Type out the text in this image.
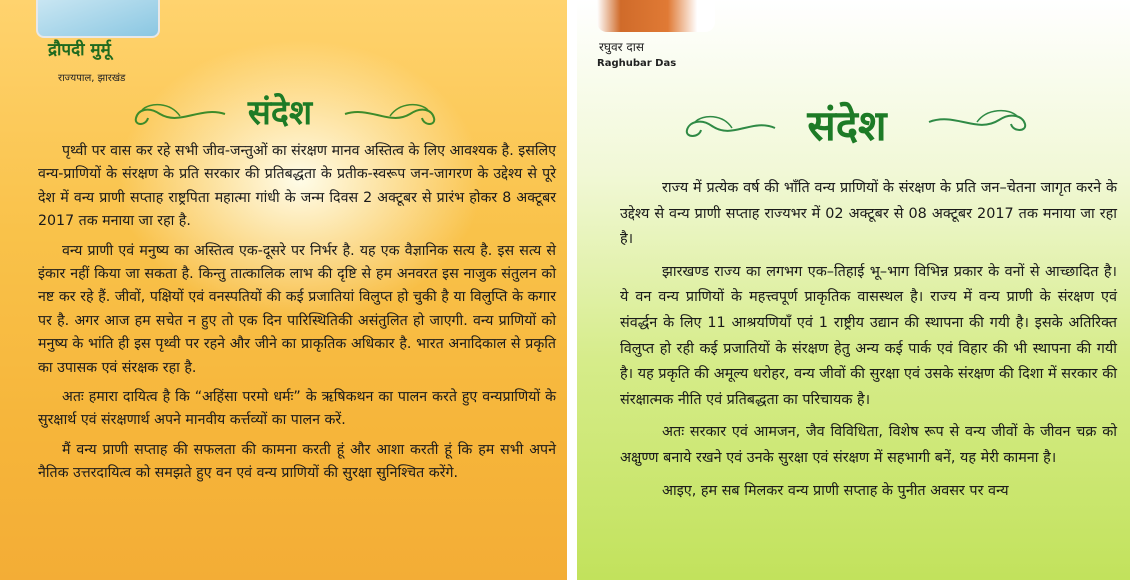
द्रौपदी मुर्मू
राज्यपाल, झारखंड
संदेश

पृथ्वी पर वास कर रहे सभी जीव-जन्तुओं का संरक्षण मानव अस्तित्व के लिए आवश्यक है. इसलिए वन्य-प्राणियों के संरक्षण के प्रति सरकार की प्रतिबद्धता के प्रतीक-स्वरूप जन-जागरण के उद्देश्य से पूरे देश में वन्य प्राणी सप्ताह राष्ट्रपिता महात्मा गांधी के जन्म दिवस 2 अक्टूबर से प्रारंभ होकर 8 अक्टूबर 2017 तक मनाया जा रहा है.

वन्य प्राणी एवं मनुष्य का अस्तित्व एक-दूसरे पर निर्भर है. यह एक वैज्ञानिक सत्य है. इस सत्य से इंकार नहीं किया जा सकता है. किन्तु तात्कालिक लाभ की दृष्टि से हम अनवरत इस नाजुक संतुलन को नष्ट कर रहे हैं. जीवों, पक्षियों एवं वनस्पतियों की कई प्रजातियां विलुप्त हो चुकी है या विलुप्ति के कगार पर है. अगर आज हम सचेत न हुए तो एक दिन पारिस्थितिकी असंतुलित हो जाएगी. वन्य प्राणियों को मनुष्य के भांति ही इस पृथ्वी पर रहने और जीने का प्राकृतिक अधिकार है. भारत अनादिकाल से प्रकृति का उपासक एवं संरक्षक रहा है.

अतः हमारा दायित्व है कि “अहिंसा परमो धर्मः” के ऋषिकथन का पालन करते हुए वन्यप्राणियों के सुरक्षार्थ एवं संरक्षणार्थ अपने मानवीय कर्त्तव्यों का पालन करें.

मैं वन्य प्राणी सप्ताह की सफलता की कामना करती हूं और आशा करती हूं कि हम सभी अपने नैतिक उत्तरदायित्व को समझते हुए वन एवं वन्य प्राणियों की सुरक्षा सुनिश्चित करेंगे.

रघुवर दास
Raghubar Das
संदेश

राज्य में प्रत्येक वर्ष की भाँति वन्य प्राणियों के संरक्षण के प्रति जन–चेतना जागृत करने के उद्देश्य से वन्य प्राणी सप्ताह राज्यभर में 02 अक्टूबर से 08 अक्टूबर 2017 तक मनाया जा रहा है।

झारखण्ड राज्य का लगभग एक–तिहाई भू–भाग विभिन्न प्रकार के वनों से आच्छादित है। ये वन वन्य प्राणियों के महत्त्वपूर्ण प्राकृतिक वासस्थल है। राज्य में वन्य प्राणी के संरक्षण एवं संवर्द्धन के लिए 11 आश्रयणियाँ एवं 1 राष्ट्रीय उद्यान की स्थापना की गयी है। इसके अतिरिक्त विलुप्त हो रही कई प्रजातियों के संरक्षण हेतु अन्य कई पार्क एवं विहार की भी स्थापना की गयी है। यह प्रकृति की अमूल्य धरोहर, वन्य जीवों की सुरक्षा एवं उसके संरक्षण की दिशा में सरकार की संरक्षात्मक नीति एवं प्रतिबद्धता का परिचायक है।

अतः सरकार एवं आमजन, जैव विविधिता, विशेष रूप से वन्य जीवों के जीवन चक्र को अक्षुण्ण बनाये रखने एवं उनके सुरक्षा एवं संरक्षण में सहभागी बनें, यह मेरी कामना है।

आइए, हम सब मिलकर वन्य प्राणी सप्ताह के पुनीत अवसर पर वन्य
